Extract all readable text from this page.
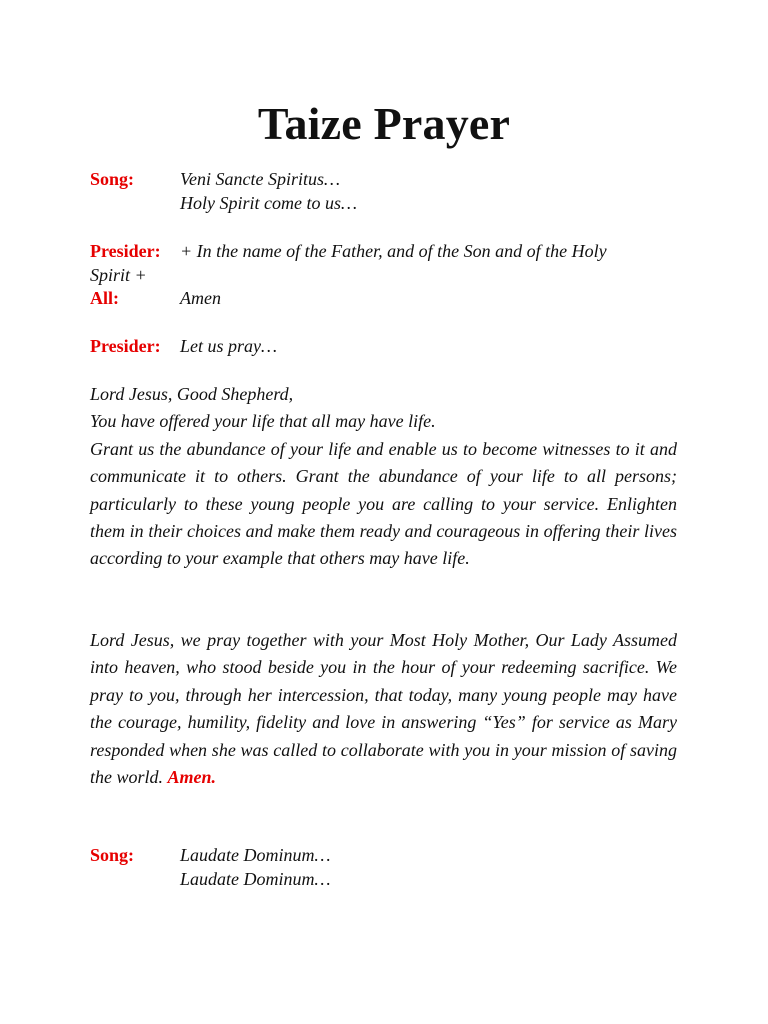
Taize Prayer
Song:	Veni Sancte Spiritus…
Holy Spirit come to us…
Presider: + In the name of the Father, and of the Son and of the Holy
Spirit +
All:	Amen
Presider: Let us pray…

Lord Jesus, Good Shepherd,

You have offered your life that all may have life.

Grant us the abundance of your life and enable us to become witnesses to it and communicate it to others. Grant the abundance of your life to all persons; particularly to these young people you are calling to your service. Enlighten them in their choices and make them ready and courageous in offering their lives according to your example that others may have life.

Lord Jesus, we pray together with your Most Holy Mother, Our Lady Assumed into heaven, who stood beside you in the hour of your redeeming sacrifice. We pray to you, through her intercession, that today, many young people may have the courage, humility, fidelity and love in answering “Yes” for service as Mary responded when she was called to collaborate with you in your mission of saving the world. Amen.

Song:	Laudate Dominum…
Laudate Dominum…
